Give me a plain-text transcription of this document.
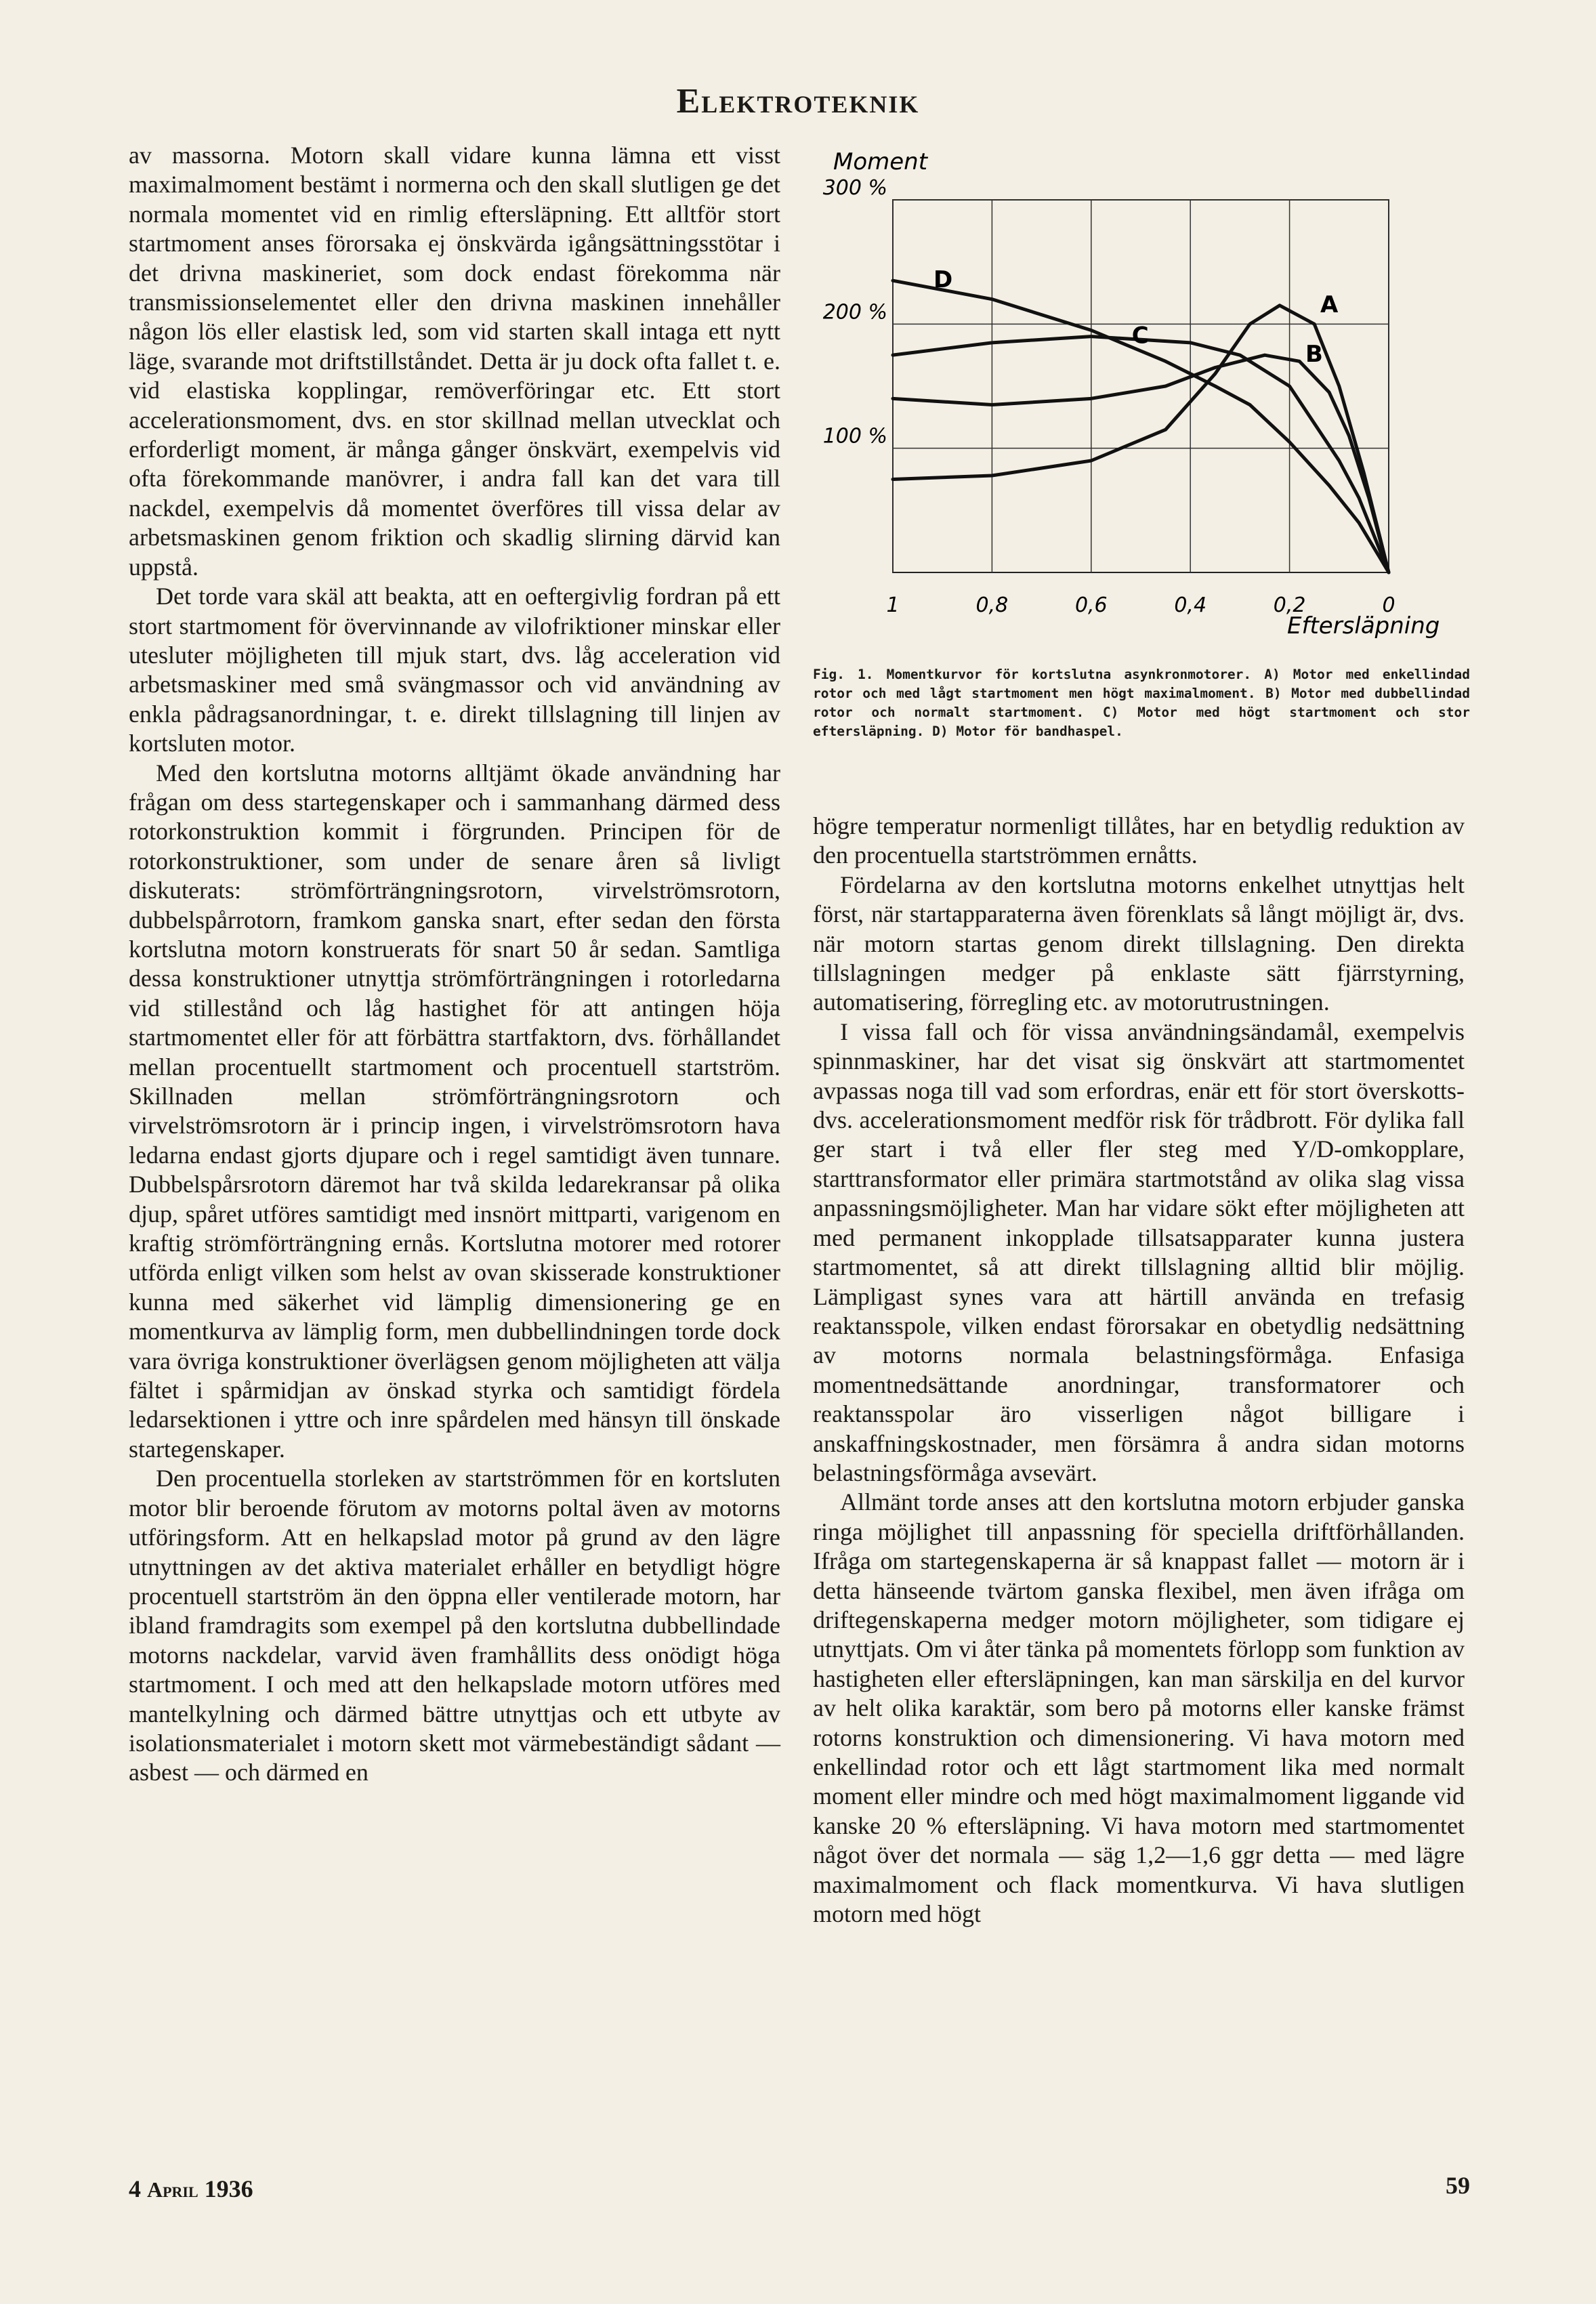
Elektroteknik

av massorna. Motorn skall vidare kunna lämna ett visst maximalmoment bestämt i normerna och den skall slutligen ge det normala momentet vid en rimlig eftersläpning. Ett alltför stort startmoment anses förorsaka ej önskvärda igångsättningsstötar i det drivna maskineriet, som dock endast förekomma när transmissionselementet eller den drivna maskinen innehåller någon lös eller elastisk led, som vid starten skall intaga ett nytt läge, svarande mot driftstillståndet. Detta är ju dock ofta fallet t. e. vid elastiska kopplingar, remöverföringar etc. Ett stort accelerationsmoment, dvs. en stor skillnad mellan utvecklat och erforderligt moment, är många gånger önskvärt, exempelvis vid ofta förekommande manövrer, i andra fall kan det vara till nackdel, exempelvis då momentet överföres till vissa delar av arbetsmaskinen genom friktion och skadlig slirning därvid kan uppstå.

Det torde vara skäl att beakta, att en oeftergivlig fordran på ett stort startmoment för övervinnande av vilofriktioner minskar eller utesluter möjligheten till mjuk start, dvs. låg acceleration vid arbetsmaskiner med små svängmassor och vid användning av enkla pådragsanordningar, t. e. direkt tillslagning till linjen av kortsluten motor.

Med den kortslutna motorns alltjämt ökade användning har frågan om dess startegenskaper och i sammanhang därmed dess rotorkonstruktion kommit i förgrunden. Principen för de rotorkonstruktioner, som under de senare åren så livligt diskuterats: strömförträngningsrotorn, virvelströmsrotorn, dubbelspårrotorn, framkom ganska snart, efter sedan den första kortslutna motorn konstruerats för snart 50 år sedan. Samtliga dessa konstruktioner utnyttja strömförträngningen i rotorledarna vid stillestånd och låg hastighet för att antingen höja startmomentet eller för att förbättra startfaktorn, dvs. förhållandet mellan procentuellt startmoment och procentuell startström. Skillnaden mellan strömförträngningsrotorn och virvelströmsrotorn är i princip ingen, i virvelströmsrotorn hava ledarna endast gjorts djupare och i regel samtidigt även tunnare. Dubbelspårsrotorn däremot har två skilda ledarekransar på olika djup, spåret utföres samtidigt med insnört mittparti, varigenom en kraftig strömförträngning ernås. Kortslutna motorer med rotorer utförda enligt vilken som helst av ovan skisserade konstruktioner kunna med säkerhet vid lämplig dimensionering ge en momentkurva av lämplig form, men dubbellindningen torde dock vara övriga konstruktioner överlägsen genom möjligheten att välja fältet i spårmidjan av önskad styrka och samtidigt fördela ledarsektionen i yttre och inre spårdelen med hänsyn till önskade startegenskaper.

Den procentuella storleken av startströmmen för en kortsluten motor blir beroende förutom av motorns poltal även av motorns utföringsform. Att en helkapslad motor på grund av den lägre utnyttningen av det aktiva materialet erhåller en betydligt högre procentuell startström än den öppna eller ventilerade motorn, har ibland framdragits som exempel på den kortslutna dubbellindade motorns nackdelar, varvid även framhållits dess onödigt höga startmoment. I och med att den helkapslade motorn utföres med mantelkylning och därmed bättre utnyttjas och ett utbyte av isolationsmaterialet i motorn skett mot värmebeständigt sådant — asbest — och därmed en

Moment
Eftersläpning
A
B
C
D
300 %
200 %
100 %
1	0,8	0,6	0,4	0,2	0
Fig. 1. Momentkurvor för kortslutna asynkronmotorer. A) Motor med enkellindad rotor och med lågt startmoment men högt maximalmoment. B) Motor med dubbellindad rotor och normalt startmoment. C) Motor med högt startmoment och stor eftersläpning. D) Motor för bandhaspel.

högre temperatur normenligt tillåtes, har en betydlig reduktion av den procentuella startströmmen ernåtts.

Fördelarna av den kortslutna motorns enkelhet utnyttjas helt först, när startapparaterna även förenklats så långt möjligt är, dvs. när motorn startas genom direkt tillslagning. Den direkta tillslagningen medger på enklaste sätt fjärrstyrning, automatisering, förregling etc. av motorutrustningen.

I vissa fall och för vissa användningsändamål, exempelvis spinnmaskiner, har det visat sig önskvärt att startmomentet avpassas noga till vad som erfordras, enär ett för stort överskotts- dvs. accelerationsmoment medför risk för trådbrott. För dylika fall ger start i två eller fler steg med Y/D-omkopplare, starttransformator eller primära startmotstånd av olika slag vissa anpassningsmöjligheter. Man har vidare sökt efter möjligheten att med permanent inkopplade tillsatsapparater kunna justera startmomentet, så att direkt tillslagning alltid blir möjlig. Lämpligast synes vara att härtill använda en trefasig reaktansspole, vilken endast förorsakar en obetydlig nedsättning av motorns normala belastningsförmåga. Enfasiga momentnedsättande anordningar, transformatorer och reaktansspolar äro visserligen något billigare i anskaffningskostnader, men försämra å andra sidan motorns belastningsförmåga avsevärt.

Allmänt torde anses att den kortslutna motorn erbjuder ganska ringa möjlighet till anpassning för speciella driftförhållanden. Ifråga om startegenskaperna är så knappast fallet — motorn är i detta hänseende tvärtom ganska flexibel, men även ifråga om driftegenskaperna medger motorn möjligheter, som tidigare ej utnyttjats. Om vi åter tänka på momentets förlopp som funktion av hastigheten eller eftersläpningen, kan man särskilja en del kurvor av helt olika karaktär, som bero på motorns eller kanske främst rotorns konstruktion och dimensionering. Vi hava motorn med enkellindad rotor och ett lågt startmoment lika med normalt moment eller mindre och med högt maximalmoment liggande vid kanske 20 % eftersläpning. Vi hava motorn med startmomentet något över det normala — säg 1,2—1,6 ggr detta — med lägre maximalmoment och flack momentkurva. Vi hava slutligen motorn med högt

4 April 1936	59
